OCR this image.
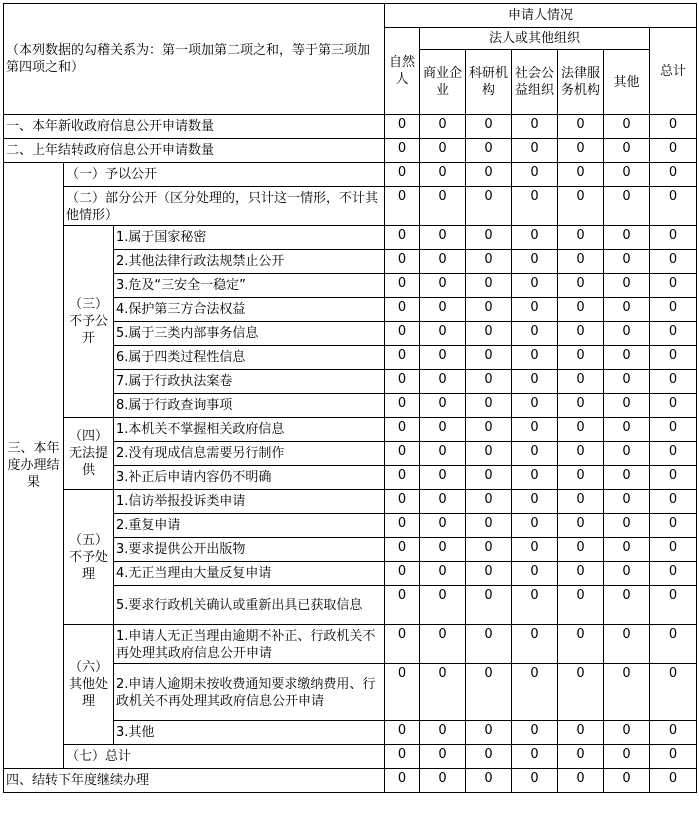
（本列数据的勾稽关系为：第一项加第二项之和，等于第三项加第四项之和）			申请人情况						
			自然人	法人或其他组织					总计
				商业企业	科研机构	社会公益组织	法律服务机构	其他	
一、本年新收政府信息公开申请数量			0	0	0	0	0	0	0
二、上年结转政府信息公开申请数量			0	0	0	0	0	0	0
三、本年度办理结果	（一）予以公开		0	0	0	0	0	0	0
	（二）部分公开（区分处理的，只计这一情形，不计其他情形）		0	0	0	0	0	0	0
	（三）不予公开	1.属于国家秘密	0	0	0	0	0	0	0
		2.其他法律行政法规禁止公开	0	0	0	0	0	0	0
		3.危及“三安全一稳定”	0	0	0	0	0	0	0
		4.保护第三方合法权益	0	0	0	0	0	0	0
		5.属于三类内部事务信息	0	0	0	0	0	0	0
		6.属于四类过程性信息	0	0	0	0	0	0	0
		7.属于行政执法案卷	0	0	0	0	0	0	0
		8.属于行政查询事项	0	0	0	0	0	0	0
	（四）无法提供	1.本机关不掌握相关政府信息	0	0	0	0	0	0	0
		2.没有现成信息需要另行制作	0	0	0	0	0	0	0
		3.补正后申请内容仍不明确	0	0	0	0	0	0	0
	（五）不予处理	1.信访举报投诉类申请	0	0	0	0	0	0	0
		2.重复申请	0	0	0	0	0	0	0
		3.要求提供公开出版物	0	0	0	0	0	0	0
		4.无正当理由大量反复申请	0	0	0	0	0	0	0
		5.要求行政机关确认或重新出具已获取信息	0	0	0	0	0	0	0
	（六）其他处理	1.申请人无正当理由逾期不补正、行政机关不再处理其政府信息公开申请	0	0	0	0	0	0	0
		2.申请人逾期未按收费通知要求缴纳费用、行政机关不再处理其政府信息公开申请	0	0	0	0	0	0	0
		3.其他	0	0	0	0	0	0	0
	（七）总计		0	0	0	0	0	0	0
四、结转下年度继续办理			0	0	0	0	0	0	0
